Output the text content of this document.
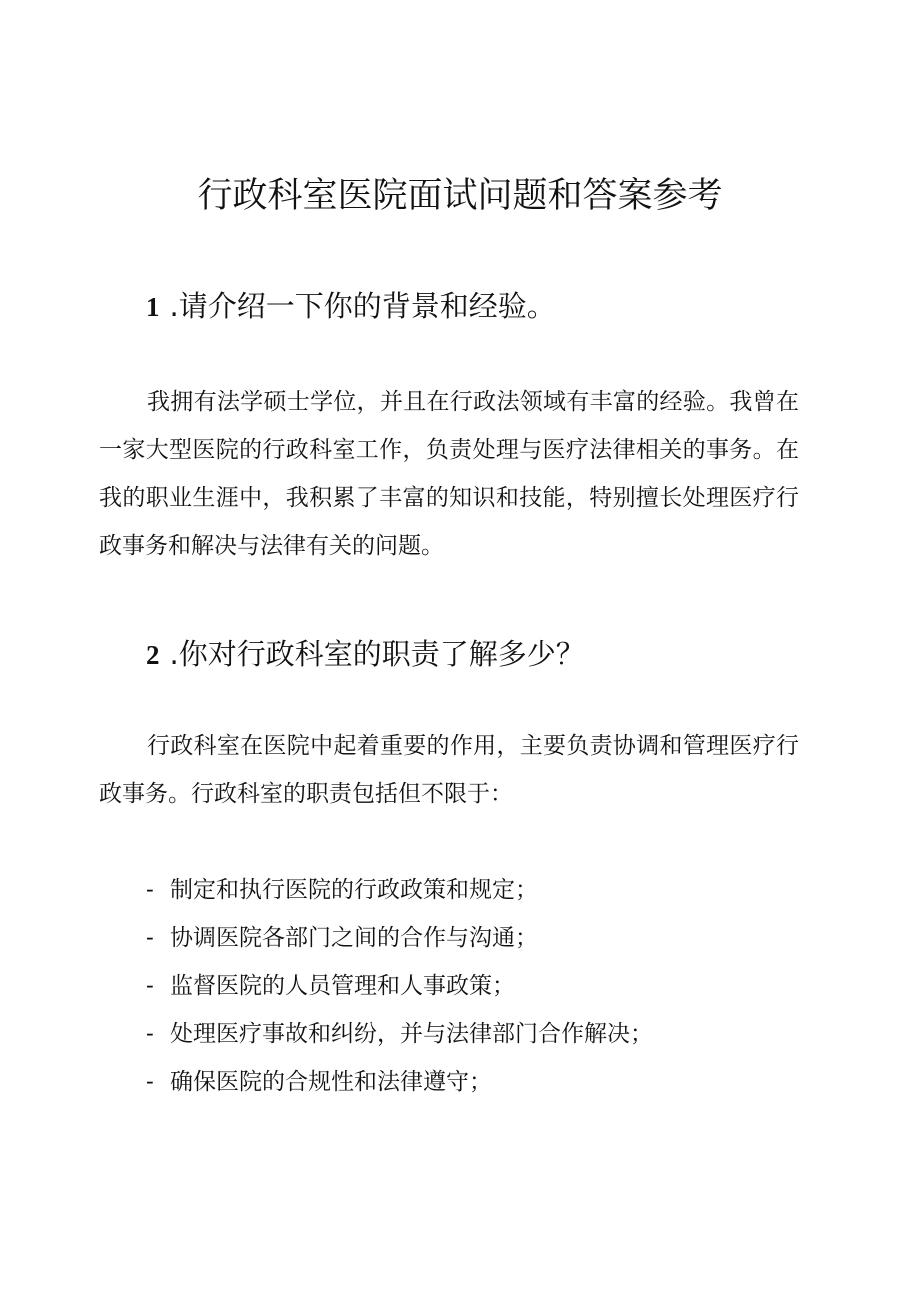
行政科室医院面试问题和答案参考
1 .请介绍一下你的背景和经验。

我拥有法学硕士学位，并且在行政法领域有丰富的经验。我曾在一家大型医院的行政科室工作，负责处理与医疗法律相关的事务。在我的职业生涯中，我积累了丰富的知识和技能，特别擅长处理医疗行政事务和解决与法律有关的问题。

2 .你对行政科室的职责了解多少？

行政科室在医院中起着重要的作用，主要负责协调和管理医疗行政事务。行政科室的职责包括但不限于：

- 制定和执行医院的行政政策和规定；
- 协调医院各部门之间的合作与沟通；
- 监督医院的人员管理和人事政策；
- 处理医疗事故和纠纷，并与法律部门合作解决；
- 确保医院的合规性和法律遵守；
